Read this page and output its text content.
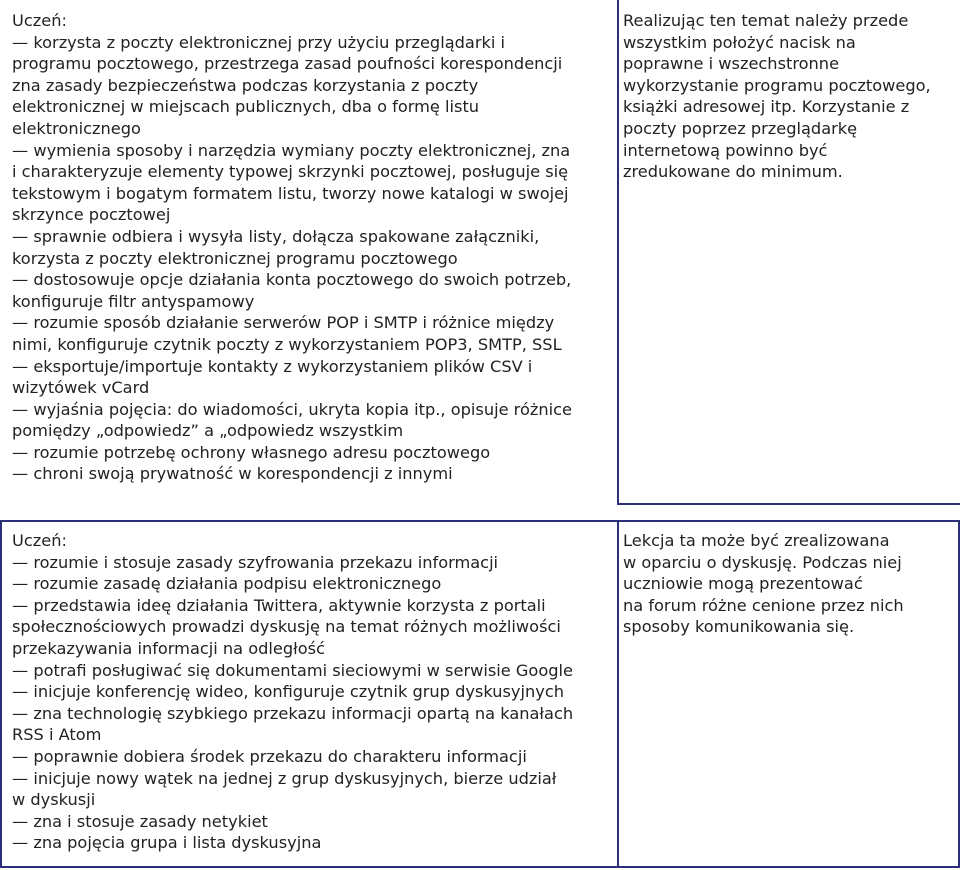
Uczeń:

— korzysta z poczty elektronicznej przy użyciu przeglądarki i

programu pocztowego, przestrzega zasad poufności korespondencji

zna zasady bezpieczeństwa podczas korzystania z poczty

elektronicznej w miejscach publicznych, dba o formę listu

elektronicznego

— wymienia sposoby i narzędzia wymiany poczty elektronicznej, zna

i charakteryzuje elementy typowej skrzynki pocztowej, posługuje się

tekstowym i bogatym formatem listu, tworzy nowe katalogi w swojej

skrzynce pocztowej

— sprawnie odbiera i wysyła listy, dołącza spakowane załączniki,

korzysta z poczty elektronicznej programu pocztowego

— dostosowuje opcje działania konta pocztowego do swoich potrzeb,

konfiguruje filtr antyspamowy

— rozumie sposób działanie serwerów POP i SMTP i różnice między

nimi, konfiguruje czytnik poczty z wykorzystaniem POP3, SMTP, SSL

— eksportuje/importuje kontakty z wykorzystaniem plików CSV i

wizytówek vCard

— wyjaśnia pojęcia: do wiadomości, ukryta kopia itp., opisuje różnice

pomiędzy „odpowiedz” a „odpowiedz wszystkim

— rozumie potrzebę ochrony własnego adresu pocztowego

— chroni swoją prywatność w korespondencji z innymi

Realizując ten temat należy przede

wszystkim położyć nacisk na

poprawne i wszechstronne

wykorzystanie programu pocztowego,

książki adresowej itp. Korzystanie z

poczty poprzez przeglądarkę

internetową powinno być

zredukowane do minimum.

Uczeń:

— rozumie i stosuje zasady szyfrowania przekazu informacji

— rozumie zasadę działania podpisu elektronicznego

— przedstawia ideę działania Twittera, aktywnie korzysta z portali

społecznościowych prowadzi dyskusję na temat różnych możliwości

przekazywania informacji na odległość

— potrafi posługiwać się dokumentami sieciowymi w serwisie Google

— inicjuje konferencję wideo, konfiguruje czytnik grup dyskusyjnych

— zna technologię szybkiego przekazu informacji opartą na kanałach

RSS i Atom

— poprawnie dobiera środek przekazu do charakteru informacji

— inicjuje nowy wątek na jednej z grup dyskusyjnych, bierze udział

w dyskusji

— zna i stosuje zasady netykiet

— zna pojęcia grupa i lista dyskusyjna

Lekcja ta może być zrealizowana

w oparciu o dyskusję. Podczas niej

uczniowie mogą prezentować

na forum różne cenione przez nich

sposoby komunikowania się.
